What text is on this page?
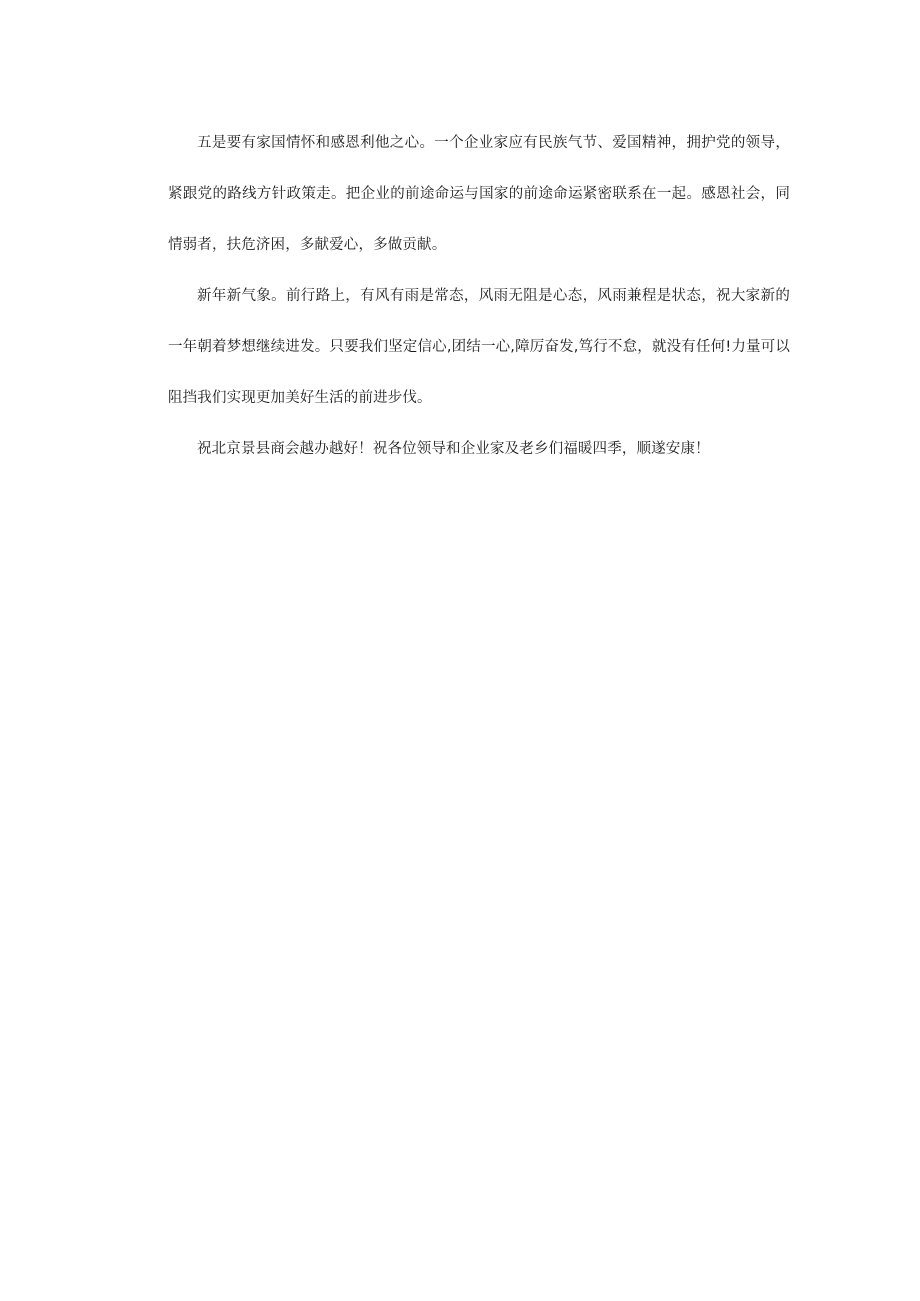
五是要有家国情怀和感恩利他之心。一个企业家应有民族气节、爱国精神，拥护党的领导，紧跟党的路线方针政策走。把企业的前途命运与国家的前途命运紧密联系在一起。感恩社会，同情弱者，扶危济困，多献爱心，多做贡献。

新年新气象。前行路上，有风有雨是常态，风雨无阻是心态，风雨兼程是状态，祝大家新的一年朝着梦想继续进发。只要我们坚定信心,团结一心,障厉奋发,笃行不怠，就没有任何!力量可以阻挡我们实现更加美好生活的前进步伐。

祝北京景县商会越办越好！祝各位领导和企业家及老乡们福暖四季，顺遂安康！
